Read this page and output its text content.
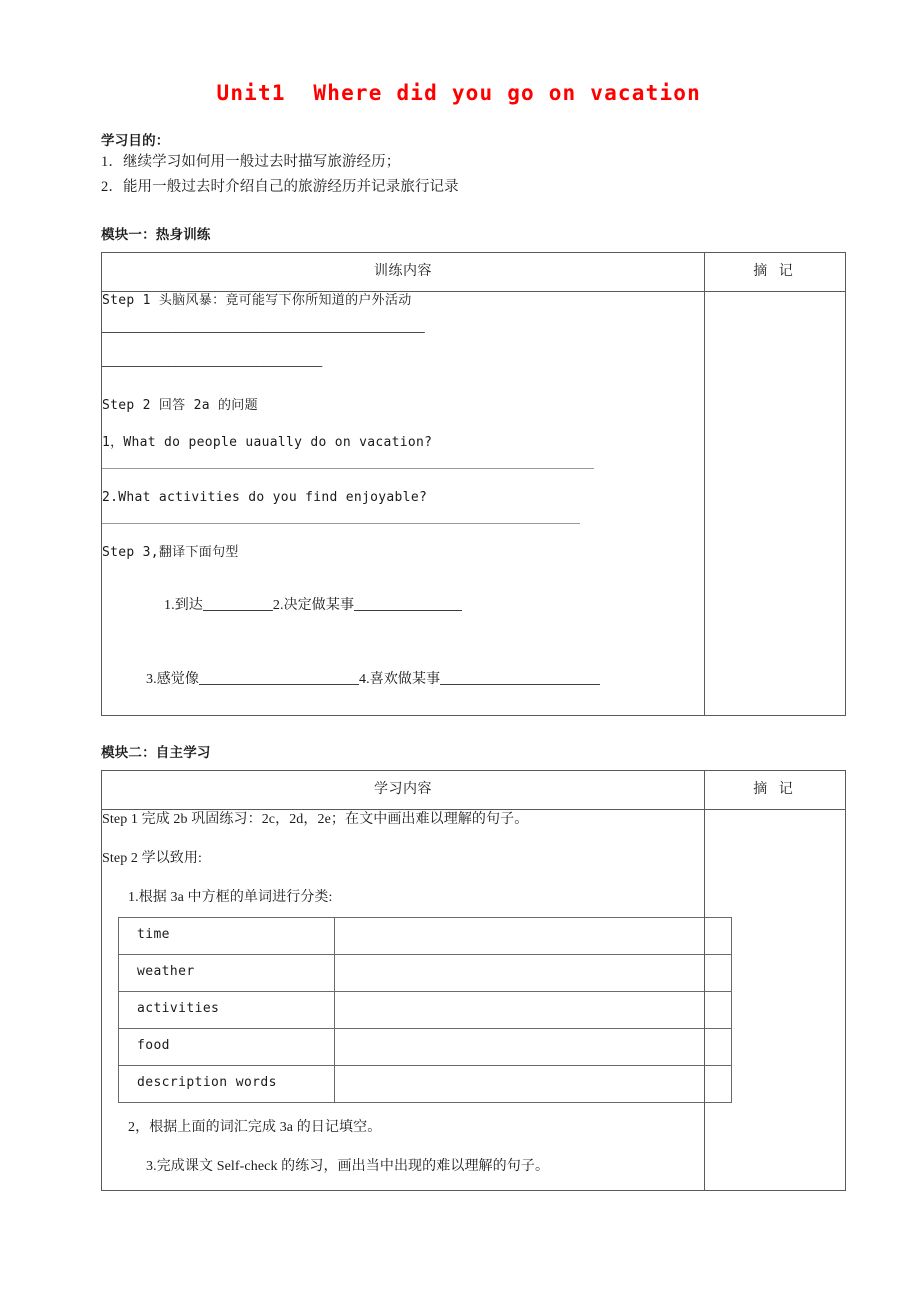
Unit1  Where did you go on vacation
学习目的：
1．继续学习如何用一般过去时描写旅游经历；
2．能用一般过去时介绍自己的旅游经历并记录旅行记录
模块一：热身训练
训练内容	摘 记

Step 1 头脑风暴：竟可能写下你所知道的户外活动
————————————————————————————————————————————
——————————————————————————————
Step 2 回答 2a 的问题
1，What do people uaually do on vacation?
2.What activities do you find enjoyable?
Step 3,翻译下面句型

1.到达	2.决定做某事

3.感觉像	4.喜欢做某事

模块二：自主学习
学习内容	摘 记

Step 1 完成 2b 巩固练习：2c，2d，2e；在文中画出难以理解的句子。
Step 2 学以致用:
1.根据 3a 中方框的单词进行分类:
time	
weather	
activities	
food	
description words	
2，根据上面的词汇完成 3a 的日记填空。
3.完成课文 Self-check 的练习，画出当中出现的难以理解的句子。
